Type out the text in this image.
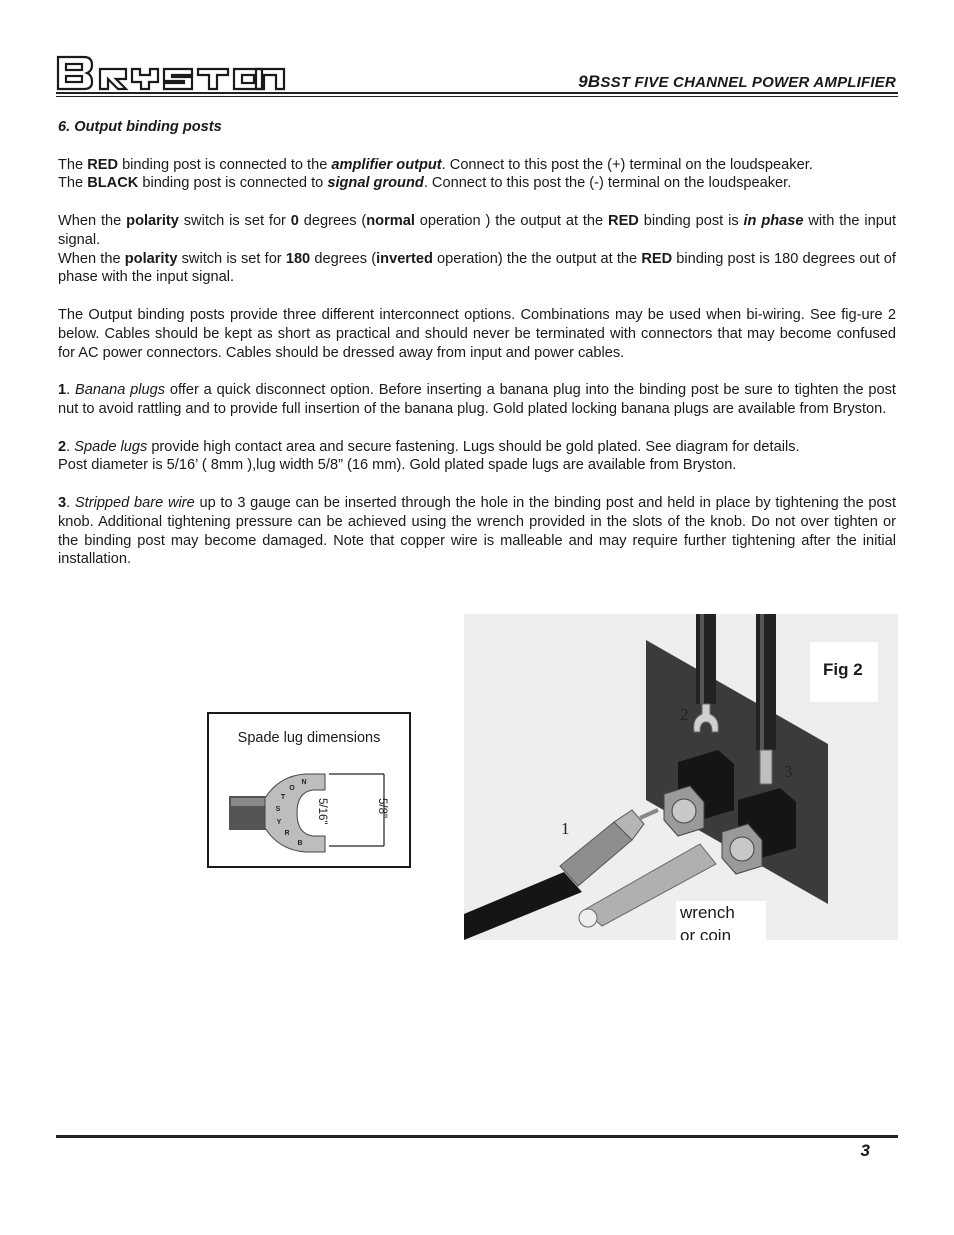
9BSST FIVE CHANNEL POWER AMPLIFIER
6. Output binding posts

The RED binding post is connected to the amplifier output. Connect to this post the (+) terminal on the loudspeaker.
The BLACK binding post is connected to signal ground. Connect to this post the (-) terminal on the loudspeaker.

When the polarity switch is set for 0 degrees (normal operation ) the output at the RED binding post is in phase with the input signal.
When the polarity switch is set for 180 degrees (inverted operation) the the output at the RED binding post is 180 degrees out of phase with the input signal.

The Output binding posts provide three different interconnect options. Combinations may be used when bi-wiring. See fig-ure 2 below. Cables should be kept as short as practical and should never be terminated with connectors that may become confused for AC power connectors. Cables should be dressed away from input and power cables.

1. Banana plugs offer a quick disconnect option. Before inserting a banana plug into the binding post be sure to tighten the post nut to avoid rattling and to provide full insertion of the banana plug. Gold plated locking banana plugs are available from Bryston.

2. Spade lugs provide high contact area and secure fastening. Lugs should be gold plated. See diagram for details.
Post diameter is 5/16’ ( 8mm ),lug width 5/8” (16 mm). Gold plated spade lugs are available from Bryston.

3. Stripped bare wire up to 3 gauge can be inserted through the hole in the binding post and held in place by tightening the post knob. Additional tightening pressure can be achieved using the wrench provided in the slots of the knob. Do not over tighten or the binding post may become damaged. Note that copper wire is malleable and may require further tightening after the initial installation.

Spade lug dimensions
N
O
T
S
Y
R
B
5/16"	5/8"
2
3
1
Fig 2
wrench
or coin
3
